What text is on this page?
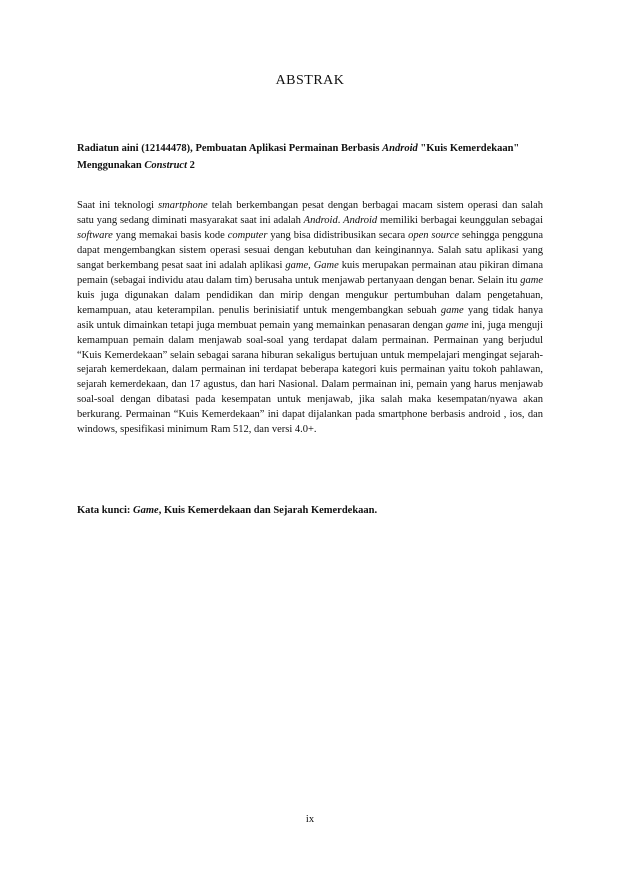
ABSTRAK
Radiatun aini (12144478), Pembuatan Aplikasi Permainan Berbasis Android "Kuis Kemerdekaan" Menggunakan Construct 2

Saat ini teknologi smartphone telah berkembangan pesat dengan berbagai macam sistem operasi dan salah satu yang sedang diminati masyarakat saat ini adalah Android. Android memiliki berbagai keunggulan sebagai software yang memakai basis kode computer yang bisa didistribusikan secara open source sehingga pengguna dapat mengembangkan sistem operasi sesuai dengan kebutuhan dan keinginannya. Salah satu aplikasi yang sangat berkembang pesat saat ini adalah aplikasi game, Game kuis merupakan permainan atau pikiran dimana pemain (sebagai individu atau dalam tim) berusaha untuk menjawab pertanyaan dengan benar. Selain itu game kuis juga digunakan dalam pendidikan dan mirip dengan mengukur pertumbuhan dalam pengetahuan, kemampuan, atau keterampilan. penulis berinisiatif untuk mengembangkan sebuah game yang tidak hanya asik untuk dimainkan tetapi juga membuat pemain yang memainkan penasaran dengan game ini, juga menguji kemampuan pemain dalam menjawab soal-soal yang terdapat dalam permainan. Permainan yang berjudul “Kuis Kemerdekaan” selain sebagai sarana hiburan sekaligus bertujuan untuk mempelajari mengingat sejarah-sejarah kemerdekaan, dalam permainan ini terdapat beberapa kategori kuis permainan yaitu tokoh pahlawan, sejarah kemerdekaan, dan 17 agustus, dan hari Nasional. Dalam permainan ini, pemain yang harus menjawab soal-soal dengan dibatasi pada kesempatan untuk menjawab, jika salah maka kesempatan/nyawa akan berkurang. Permainan “Kuis Kemerdekaan” ini dapat dijalankan pada smartphone berbasis android , ios, dan windows, spesifikasi minimum Ram 512, dan versi 4.0+.

Kata kunci: Game, Kuis Kemerdekaan dan Sejarah Kemerdekaan.
ix
